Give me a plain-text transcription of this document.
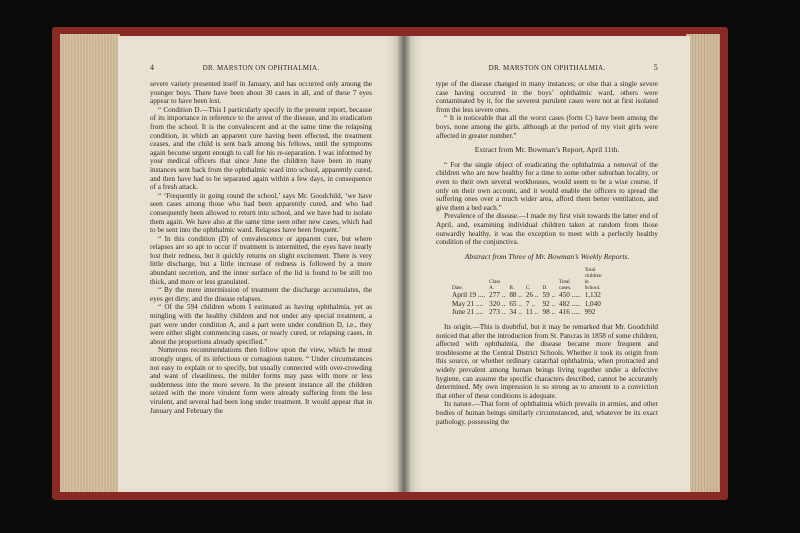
4	DR. MARSTON ON OPHTHALMIA.

severe variety presented itself in January, and has occurred only among the younger boys. There have been about 30 cases in all, and of these 7 eyes appear to have been lost.

“ Condition D.—This I particularly specify in the present report, because of its importance in reference to the arrest of the disease, and its eradication from the school. It is the convalescent and at the same time the relapsing condition, in which an apparent cure having been effected, the treatment ceases, and the child is sent back among his fellows, until the symptoms again become urgent enough to call for his re-separation. I was informed by your medical officers that since June the children have been in many instances sent back from the ophthalmic ward into school, apparently cured, and then have had to be separated again within a few days, in consequence of a fresh attack.

“ ‘Frequently in going round the school,’ says Mr. Goodchild, ‘we have seen cases among those who had been apparently cured, and who had consequently been allowed to return into school, and we have had to isolate them again. We have also at the same time seen other new cases, which had to be sent into the ophthalmic ward. Relapses have been frequent.’

“ In this condition (D) of convalescence or apparent cure, but where relapses are so apt to occur if treatment is intermitted, the eyes have nearly lost their redness, but it quickly returns on slight excitement. There is very little discharge, but a little increase of redness is followed by a more abundant secretion, and the inner surface of the lid is found to be still too thick, and more or less granulated.

“ By the mere intermission of treatment the discharge accumulates, the eyes get dirty, and the disease relapses.

“ Of the 594 children whom I estimated as having ophthalmia, yet as mingling with the healthy children and not under any special treatment, a part were under condition A, and a part were under condition D, i.e., they were either slight commencing cases, or nearly cured, or relapsing cases, in about the proportions already specified.”

Numerous recommendations then follow upon the view, which he most strongly urges, of its infectious or contagious nature. “ Under circumstances not easy to explain or to specify, but usually connected with over-crowding and want of cleanliness, the milder forms may pass with more or less suddenness into the more severe. In the present instance all the children seized with the more virulent form were already suffering from the less virulent, and several had been long under treatment. It would appear that in January and February the

DR. MARSTON ON OPHTHALMIA.	5

type of the disease changed in many instances; or else that a single severe case having occurred in the boys’ ophthalmic ward, others were contaminated by it, for the severest purulent cases were not at first isolated from the less severe ones.

“ It is noticeable that all the worst cases (form C) have been among the boys, none among the girls, although at the period of my visit girls were affected in greater number.”

Extract from Mr. Bowman’s Report, April 11th.

“ For the single object of eradicating the ophthalmia a removal of the children who are now healthy for a time to some other suburban locality, or even to their own several workhouses, would seem to be a wise course, if only on their own account, and it would enable the officers to spread the suffering ones over a much wider area, afford them better ventilation, and give them a bed each.”

Prevalence of the disease.—I made my first visit towards the latter end of April, and, examining individual children taken at random from those outwardly healthy, it was the exception to meet with a perfectly healthy condition of the conjunctiva.

Abstract from Three of Mr. Bowman’s Weekly Reports.
Date.	Class A.	B.	C.	D.	Total cases.	Total children in School.
April 19 ....	277 ..	88 ..	26 ..	59 ..	450 .....	1,132
May 21 ....	320 ..	65 ..	7 ..	92 ..	482 .....	1,040
June 21 ....	273 ..	34 ..	11 ..	98 ..	416 .....	992

Its origin.—This is doubtful, but it may be remarked that Mr. Goodchild noticed that after the introduction from St. Pancras in 1858 of some children, affected with ophthalmia, the disease became more frequent and troublesome at the Central District Schools. Whether it took its origin from this source, or whether ordinary catarrhal ophthalmia, when protracted and widely prevalent among human beings living together under a defective hygiene, can assume the specific characters described, cannot be accurately determined. My own impression is so strong as to amount to a conviction that either of these conditions is adequate.

Its nature.—That form of ophthalmia which prevails in armies, and other bodies of human beings similarly circumstanced, and, whatever be its exact pathology, possessing the
